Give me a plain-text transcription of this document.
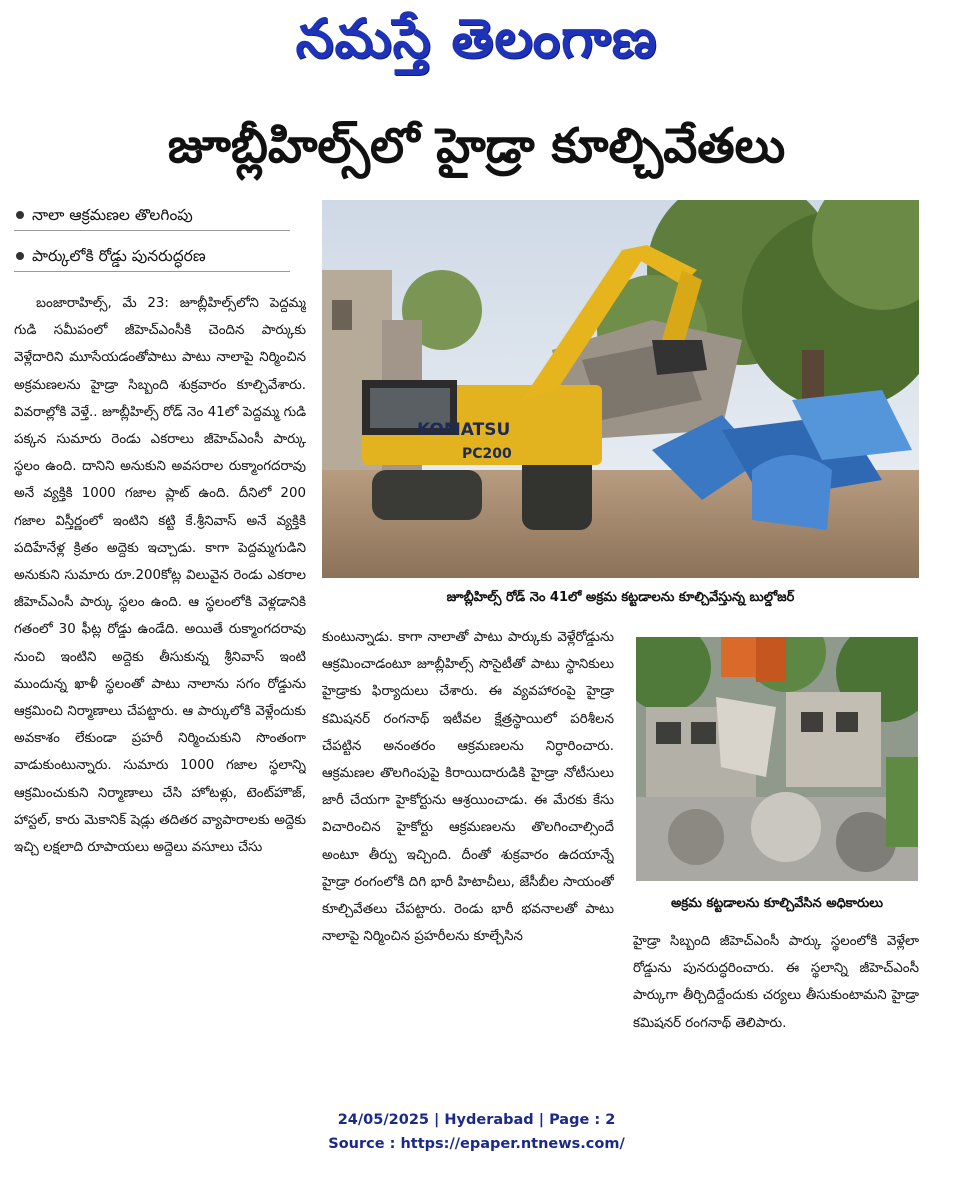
నమస్తే తెలంగాణ
జూబ్లీహిల్స్‌లో హైడ్రా కూల్చివేతలు
నాలా ఆక్రమణల తొలగింపు
పార్కులోకి రోడ్డు పునరుద్ధరణ
బంజారాహిల్స్, మే 23: జూబ్లీహిల్స్‌లోని పెద్దమ్మ గుడి సమీపంలో జీహెచ్‌ఎంసీకి చెందిన పార్కుకు వెళ్లేదారిని మూసేయడంతోపాటు పాటు నాలాపై నిర్మించిన అక్రమణలను హైడ్రా సిబ్బంది శుక్రవారం కూల్చివేశారు. వివరాల్లోకి వెళ్తే.. జూబ్లీహిల్స్ రోడ్ నెం 41లో పెద్దమ్మ గుడి పక్కన సుమారు రెండు ఎకరాలు జీహెచ్‌ఎంసీ పార్కు స్థలం ఉంది. దానిని అనుకుని అవసరాల రుక్మాంగదరావు అనే వ్యక్తికి 1000 గజాల ప్లాట్ ఉంది. దీనిలో 200 గజాల విస్తీర్ణంలో ఇంటిని కట్టి కే.శ్రీనివాస్ అనే వ్యక్తికి పదిహేనేళ్ల క్రితం అద్దెకు ఇచ్చాడు. కాగా పెద్దమ్మగుడిని అనుకుని సుమారు రూ.200కోట్ల విలువైన రెండు ఎకరాల జీహెచ్‌ఎంసీ పార్కు స్థలం ఉంది. ఆ స్థలంలోకి వెళ్లడానికి గతంలో 30 ఫీట్ల రోడ్డు ఉండేది. అయితే రుక్మాంగదరావు నుంచి ఇంటిని అద్దెకు తీసుకున్న శ్రీనివాస్ ఇంటి ముందున్న ఖాళీ స్థలంతో పాటు నాలాను సగం రోడ్డును ఆక్రమించి నిర్మాణాలు చేపట్టారు. ఆ పార్కులోకి వెళ్లేందుకు అవకాశం లేకుండా ప్రహరీ నిర్మించుకుని సొంతంగా వాడుకుంటున్నారు. సుమారు 1000 గజాల స్థలాన్ని ఆక్రమించుకుని నిర్మాణాలు చేసి హోటళ్లు, టెంట్‌హౌజ్, హాస్టల్, కారు మెకానిక్ షెడ్లు తదితర వ్యాపారాలకు అద్దెకు ఇచ్చి లక్షలాది రూపాయలు అద్దెలు వసూలు చేసు
KOMATSU
PC200
జూబ్లీహిల్స్ రోడ్ నెం 41లో అక్రమ కట్టడాలను కూల్చివేస్తున్న బుల్డోజర్
కుంటున్నాడు. కాగా నాలాతో పాటు పార్కుకు వెళ్లేరోడ్డును ఆక్రమించాడంటూ జూబ్లీహిల్స్ సొసైటీతో పాటు స్థానికులు హైడ్రాకు ఫిర్యాదులు చేశారు. ఈ వ్యవహారంపై హైడ్రా కమిషనర్ రంగనాథ్ ఇటీవల క్షేత్రస్థాయిలో పరిశీలన చేపట్టిన అనంతరం ఆక్రమణలను నిర్ధారించారు. ఆక్రమణల తొలగింపుపై కిరాయిదారుడికి హైడ్రా నోటీసులు జారీ చేయగా హైకోర్టును ఆశ్రయించాడు. ఈ మేరకు కేసు విచారించిన హైకోర్టు ఆక్రమణలను తొలగించాల్సిందే అంటూ తీర్పు ఇచ్చింది. దీంతో శుక్రవారం ఉదయాన్నే హైడ్రా రంగంలోకి దిగి భారీ హిటాచీలు, జేసీబీల సాయంతో కూల్చివేతలు చేపట్టారు. రెండు భారీ భవనాలతో పాటు నాలాపై నిర్మించిన ప్రహరీలను కూల్చేసిన
అక్రమ కట్టడాలను కూల్చివేసిన అధికారులు
హైడ్రా సిబ్బంది జీహెచ్‌ఎంసీ పార్కు స్థలంలోకి వెళ్లేలా రోడ్డును పునరుద్ధరించారు. ఈ స్థలాన్ని జీహెచ్‌ఎంసీ పార్కుగా తీర్చిదిద్దేందుకు చర్యలు తీసుకుంటామని హైడ్రా కమిషనర్ రంగనాథ్ తెలిపారు.
24/05/2025 | Hyderabad | Page : 2
Source : https://epaper.ntnews.com/
